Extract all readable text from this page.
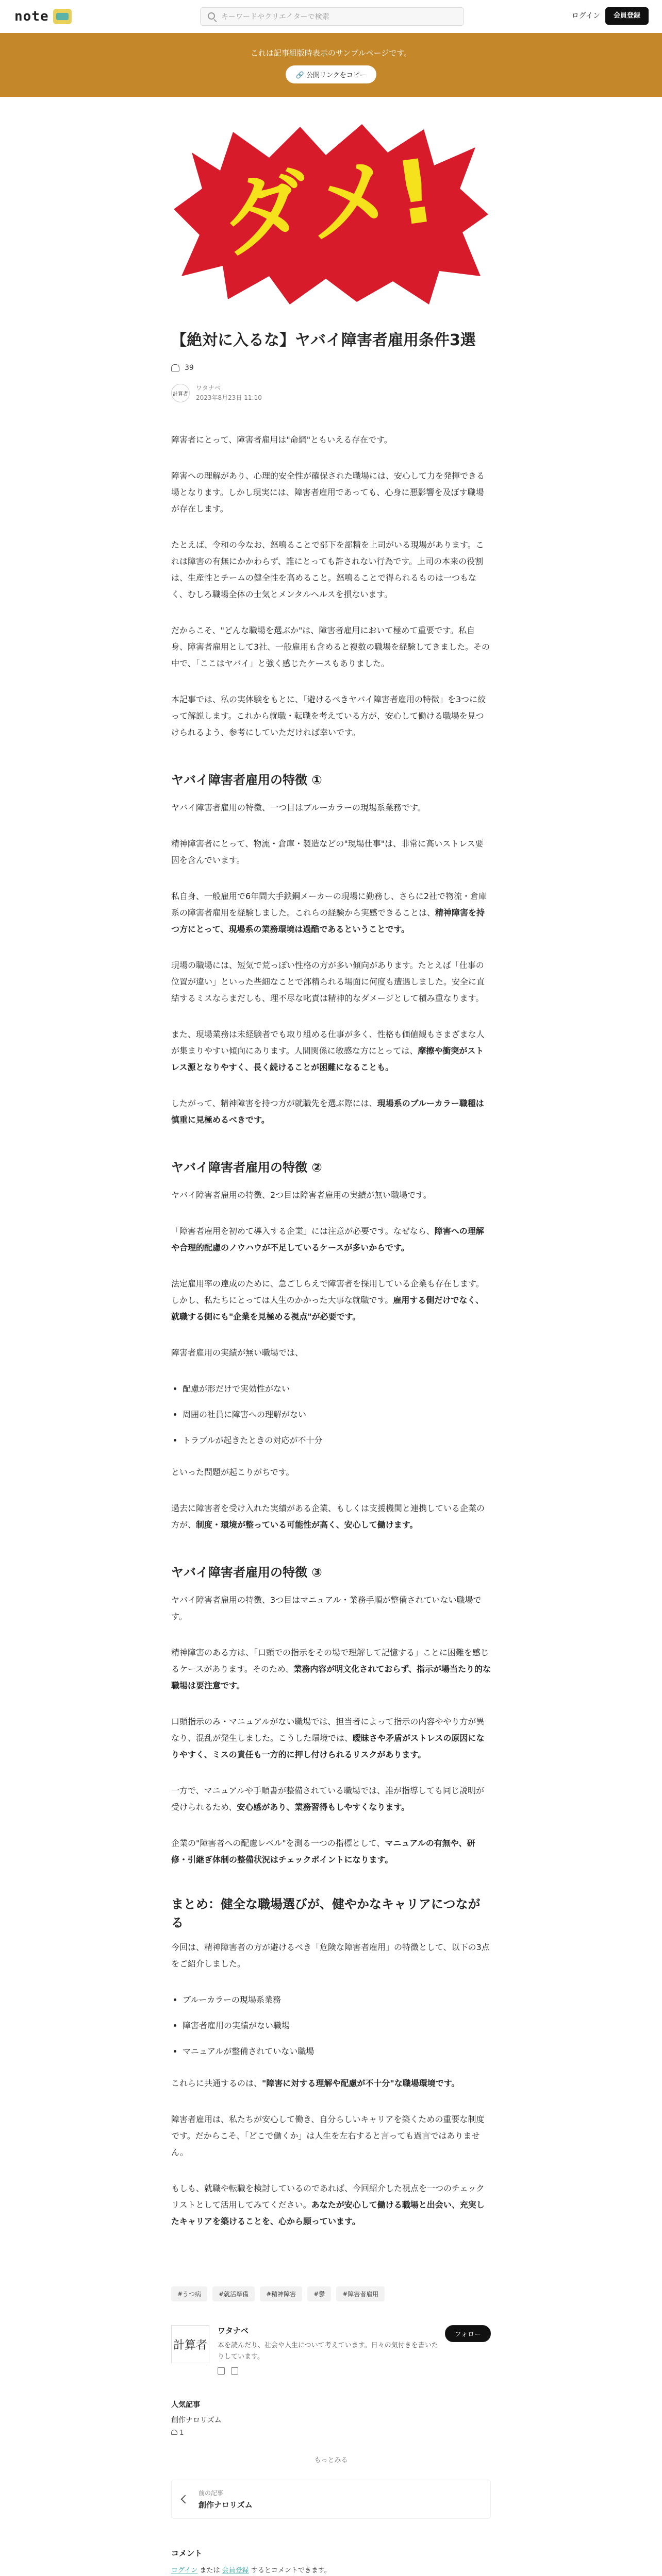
note	キーワードやクリエイターで検索	ログイン	会員登録

これは記事組版時表示のサンプルページです。

🔗 公開リンクをコピー
ダメ!
【絶対に入るな】ヤバイ障害者雇用条件3選
39
計算者
ワタナベ
2023年8月23日 11:10

障害者にとって、障害者雇用は"命綱"ともいえる存在です。

障害への理解があり、心理的安全性が確保された職場には、安心して力を発揮できる場となります。しかし現実には、障害者雇用であっても、心身に悪影響を及ぼす職場が存在します。

たとえば、令和の今なお、怒鳴ることで部下を部精を上司がいる現場があります。これは障害の有無にかかわらず、誰にとっても許されない行為です。上司の本来の役割は、生産性とチームの健全性を高めること。怒鳴ることで得られるものは一つもなく、むしろ職場全体の士気とメンタルヘルスを損ないます。

だからこそ、"どんな職場を選ぶか"は、障害者雇用において極めて重要です。私自身、障害者雇用として3社、一般雇用も含めると複数の職場を経験してきました。その中で、「ここはヤバイ」と強く感じたケースもありました。

本記事では、私の実体験をもとに、「避けるべきヤバイ障害者雇用の特徴」を3つに絞って解説します。これから就職・転職を考えている方が、安心して働ける職場を見つけられるよう、参考にしていただければ幸いです。

ヤバイ障害者雇用の特徴 ①

ヤバイ障害者雇用の特徴、一つ目はブルーカラーの現場系業務です。

精神障害者にとって、物流・倉庫・製造などの"現場仕事"は、非常に高いストレス要因を含んでいます。

私自身、一般雇用で6年間大手鉄鋼メーカーの現場に勤務し、さらに2社で物流・倉庫系の障害者雇用を経験しました。これらの経験から実感できることは、精神障害を持つ方にとって、現場系の業務環境は過酷であるということです。

現場の職場には、短気で荒っぽい性格の方が多い傾向があります。たとえば「仕事の位置が違い」といった些細なことで部精られる場面に何度も遭遇しました。安全に直結するミスならまだしも、理不尽な叱責は精神的なダメージとして積み重なります。

また、現場業務は未経験者でも取り組める仕事が多く、性格も価値観もさまざまな人が集まりやすい傾向にあります。人間関係に敏感な方にとっては、摩擦や衝突がストレス源となりやすく、長く続けることが困難になることも。

したがって、精神障害を持つ方が就職先を選ぶ際には、現場系のブルーカラー職種は慎重に見極めるべきです。

ヤバイ障害者雇用の特徴 ②

ヤバイ障害者雇用の特徴、2つ目は障害者雇用の実績が無い職場です。

「障害者雇用を初めて導入する企業」には注意が必要です。なぜなら、障害への理解や合理的配慮のノウハウが不足しているケースが多いからです。

法定雇用率の達成のために、急ごしらえで障害者を採用している企業も存在します。しかし、私たちにとっては人生のかかった大事な就職です。雇用する側だけでなく、就職する側にも"企業を見極める視点"が必要です。

障害者雇用の実績が無い職場では、

• 配慮が形だけで実効性がない
• 周囲の社員に障害への理解がない
• トラブルが起きたときの対応が不十分

といった問題が起こりがちです。

過去に障害者を受け入れた実績がある企業、もしくは支援機関と連携している企業の方が、制度・環境が整っている可能性が高く、安心して働けます。

ヤバイ障害者雇用の特徴 ③

ヤバイ障害者雇用の特徴、3つ目はマニュアル・業務手順が整備されていない職場です。

精神障害のある方は、「口頭での指示をその場で理解して記憶する」ことに困難を感じるケースがあります。そのため、業務内容が明文化されておらず、指示が場当たり的な職場は要注意です。

口頭指示のみ・マニュアルがない職場では、担当者によって指示の内容ややり方が異なり、混乱が発生しました。こうした環境では、曖昧さや矛盾がストレスの原因になりやすく、ミスの責任も一方的に押し付けられるリスクがあります。

一方で、マニュアルや手順書が整備されている職場では、誰が指導しても同じ説明が受けられるため、安心感があり、業務習得もしやすくなります。

企業の"障害者への配慮レベル"を測る一つの指標として、マニュアルの有無や、研修・引継ぎ体制の整備状況はチェックポイントになります。

まとめ：健全な職場選びが、健やかなキャリアにつながる

今回は、精神障害者の方が避けるべき「危険な障害者雇用」の特徴として、以下の3点をご紹介しました。

• ブルーカラーの現場系業務
• 障害者雇用の実績がない職場
• マニュアルが整備されていない職場

これらに共通するのは、"障害に対する理解や配慮が不十分"な職場環境です。

障害者雇用は、私たちが安心して働き、自分らしいキャリアを築くための重要な制度です。だからこそ、「どこで働くか」は人生を左右すると言っても過言ではありません。

もしも、就職や転職を検討しているのであれば、今回紹介した視点を一つのチェックリストとして活用してみてください。あなたが安心して働ける職場と出会い、充実したキャリアを築けることを、心から願っています。

#うつ病	#就活準備	#精神障害	#鬱	#障害者雇用
計算者
ワタナベ
本を読んだり、社会や人生について考えています。日々の気付きを書いたりしています。
フォロー
人気記事
創作ナロリズム
1
もっとみる
前の記事
創作ナロリズム
コメント
ログイン または 会員登録 するとコメントできます。
